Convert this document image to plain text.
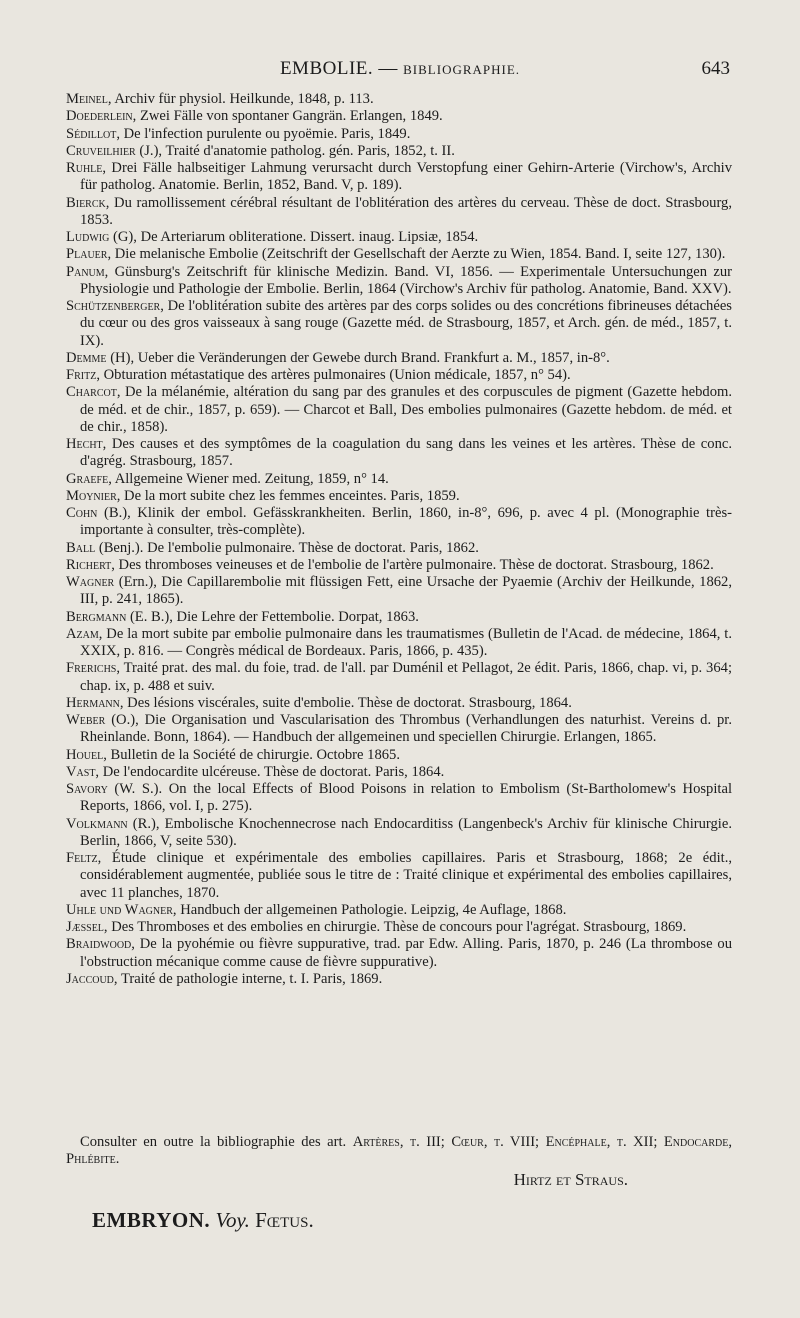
EMBOLIE. — BIBLIOGRAPHIE.	643
Meinel, Archiv für physiol. Heilkunde, 1848, p. 113.
Doederlein, Zwei Fälle von spontaner Gangrän. Erlangen, 1849.
Sédillot, De l'infection purulente ou pyoëmie. Paris, 1849.
Cruveilhier (J.), Traité d'anatomie patholog. gén. Paris, 1852, t. II.
Ruhle, Drei Fälle halbseitiger Lahmung verursacht durch Verstopfung einer Gehirn-Arterie (Virchow's, Archiv für patholog. Anatomie. Berlin, 1852, Band. V, p. 189).
Bierck, Du ramollissement cérébral résultant de l'oblitération des artères du cerveau. Thèse de doct. Strasbourg, 1853.
Ludwig (G), De Arteriarum obliteratione. Dissert. inaug. Lipsiæ, 1854.
Plauer, Die melanische Embolie (Zeitschrift der Gesellschaft der Aerzte zu Wien, 1854. Band. I, seite 127, 130).
Panum, Günsburg's Zeitschrift für klinische Medizin. Band. VI, 1856. — Experimentale Untersuchungen zur Physiologie und Pathologie der Embolie. Berlin, 1864 (Virchow's Archiv für patholog. Anatomie, Band. XXV).
Schützenberger, De l'oblitération subite des artères par des corps solides ou des concrétions fibrineuses détachées du cœur ou des gros vaisseaux à sang rouge (Gazette méd. de Strasbourg, 1857, et Arch. gén. de méd., 1857, t. IX).
Demme (H), Ueber die Veränderungen der Gewebe durch Brand. Frankfurt a. M., 1857, in-8°.
Fritz, Obturation métastatique des artères pulmonaires (Union médicale, 1857, n° 54).
Charcot, De la mélanémie, altération du sang par des granules et des corpuscules de pigment (Gazette hebdom. de méd. et de chir., 1857, p. 659). — Charcot et Ball, Des embolies pulmonaires (Gazette hebdom. de méd. et de chir., 1858).
Hecht, Des causes et des symptômes de la coagulation du sang dans les veines et les artères. Thèse de conc. d'agrég. Strasbourg, 1857.
Graefe, Allgemeine Wiener med. Zeitung, 1859, n° 14.
Moynier, De la mort subite chez les femmes enceintes. Paris, 1859.
Cohn (B.), Klinik der embol. Gefässkrankheiten. Berlin, 1860, in-8°, 696, p. avec 4 pl. (Monographie très-importante à consulter, très-complète).
Ball (Benj.). De l'embolie pulmonaire. Thèse de doctorat. Paris, 1862.
Richert, Des thromboses veineuses et de l'embolie de l'artère pulmonaire. Thèse de doctorat. Strasbourg, 1862.
Wagner (Ern.), Die Capillarembolie mit flüssigen Fett, eine Ursache der Pyaemie (Archiv der Heilkunde, 1862, III, p. 241, 1865).
Bergmann (E. B.), Die Lehre der Fettembolie. Dorpat, 1863.
Azam, De la mort subite par embolie pulmonaire dans les traumatismes (Bulletin de l'Acad. de médecine, 1864, t. XXIX, p. 816. — Congrès médical de Bordeaux. Paris, 1866, p. 435).
Frerichs, Traité prat. des mal. du foie, trad. de l'all. par Duménil et Pellagot, 2e édit. Paris, 1866, chap. vi, p. 364; chap. ix, p. 488 et suiv.
Hermann, Des lésions viscérales, suite d'embolie. Thèse de doctorat. Strasbourg, 1864.
Weber (O.), Die Organisation und Vascularisation des Thrombus (Verhandlungen des naturhist. Vereins d. pr. Rheinlande. Bonn, 1864). — Handbuch der allgemeinen und speciellen Chirurgie. Erlangen, 1865.
Houel, Bulletin de la Société de chirurgie. Octobre 1865.
Vast, De l'endocardite ulcéreuse. Thèse de doctorat. Paris, 1864.
Savory (W. S.). On the local Effects of Blood Poisons in relation to Embolism (St-Bartholomew's Hospital Reports, 1866, vol. I, p. 275).
Volkmann (R.), Embolische Knochennecrose nach Endocarditiss (Langenbeck's Archiv für klinische Chirurgie. Berlin, 1866, V, seite 530).
Feltz, Étude clinique et expérimentale des embolies capillaires. Paris et Strasbourg, 1868; 2e édit., considérablement augmentée, publiée sous le titre de : Traité clinique et expérimental des embolies capillaires, avec 11 planches, 1870.
Uhle und Wagner, Handbuch der allgemeinen Pathologie. Leipzig, 4e Auflage, 1868.
Jæssel, Des Thromboses et des embolies en chirurgie. Thèse de concours pour l'agrégat. Strasbourg, 1869.
Braidwood, De la pyohémie ou fièvre suppurative, trad. par Edw. Alling. Paris, 1870, p. 246 (La thrombose ou l'obstruction mécanique comme cause de fièvre suppurative).
Jaccoud, Traité de pathologie interne, t. I. Paris, 1869.
Consulter en outre la bibliographie des art. Artères, t. III; Cœur, t. VIII; Encéphale, t. XII; Endocarde, Phlébite.
Hirtz et Straus.
EMBRYON. Voy. Fœtus.
